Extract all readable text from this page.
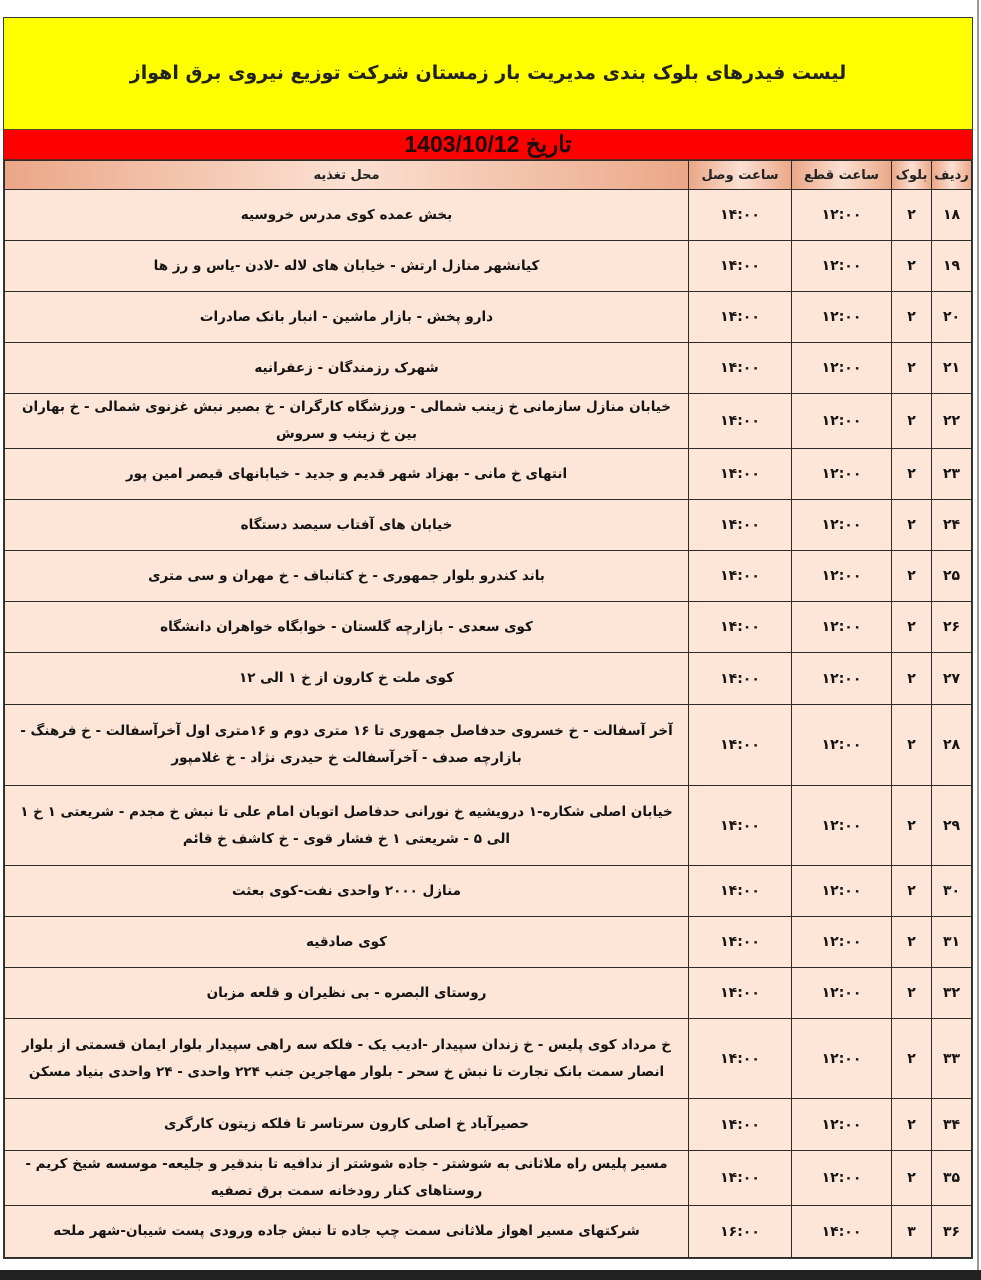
لیست فیدرهای بلوک بندی مدیریت بار زمستان شرکت توزیع نیروی برق اهواز
تاریخ 1403/10/12
ردیف	بلوک	ساعت قطع	ساعت وصل	محل تغذیه
۱۸	۲	۱۲:۰۰	۱۴:۰۰	بخش عمده کوی مدرس خروسیه
۱۹	۲	۱۲:۰۰	۱۴:۰۰	کیانشهر منازل ارتش - خیابان های لاله -لادن -یاس و رز ها
۲۰	۲	۱۲:۰۰	۱۴:۰۰	دارو پخش - بازار ماشین - انبار بانک صادرات
۲۱	۲	۱۲:۰۰	۱۴:۰۰	شهرک رزمندگان - زعفرانیه
۲۲	۲	۱۲:۰۰	۱۴:۰۰	خیابان منازل سازمانی خ زینب شمالی - ورزشگاه کارگران - خ بصیر نبش غزنوی شمالی - خ بهاران بین خ زینب و سروش
۲۳	۲	۱۲:۰۰	۱۴:۰۰	انتهای خ مانی - بهزاد شهر قدیم و جدید - خیابانهای قیصر امین پور
۲۴	۲	۱۲:۰۰	۱۴:۰۰	خیابان های آفتاب سیصد دستگاه
۲۵	۲	۱۲:۰۰	۱۴:۰۰	باند کندرو بلوار جمهوری - خ کتانباف - خ مهران و سی متری
۲۶	۲	۱۲:۰۰	۱۴:۰۰	کوی سعدی - بازارچه گلستان - خوابگاه خواهران دانشگاه
۲۷	۲	۱۲:۰۰	۱۴:۰۰	کوی ملت خ کارون از خ ۱ الی ۱۲
۲۸	۲	۱۲:۰۰	۱۴:۰۰	آخر آسفالت - خ خسروی حدفاصل جمهوری تا ۱۶ متری دوم و ۱۶متری اول آخرآسفالت - خ فرهنگ - بازارچه صدف - آخرآسفالت خ حیدری نژاد - خ غلامپور
۲۹	۲	۱۲:۰۰	۱۴:۰۰	خیابان اصلی شکاره-۱ درویشیه خ نورانی حدفاصل اتوبان امام علی تا نبش خ مجدم - شریعتی ۱ خ ۱ الی ۵ - شریعتی ۱ خ فشار قوی - خ کاشف خ قائم
۳۰	۲	۱۲:۰۰	۱۴:۰۰	منازل ۲۰۰۰ واحدی نفت-کوی بعثت
۳۱	۲	۱۲:۰۰	۱۴:۰۰	کوی صادقیه
۳۲	۲	۱۲:۰۰	۱۴:۰۰	روستای البصره - بی نظیران و قلعه مزبان
۳۳	۲	۱۲:۰۰	۱۴:۰۰	خ مرداد کوی پلیس - خ زندان سپیدار -ادیب یک - فلکه سه راهی سپیدار بلوار ایمان قسمتی از بلوار انصار سمت بانک تجارت تا نبش خ سحر - بلوار مهاجرین جنب ۲۲۴ واحدی - ۲۴ واحدی بنیاد مسکن
۳۴	۲	۱۲:۰۰	۱۴:۰۰	حصیرآباد خ اصلی کارون سرتاسر تا فلکه زیتون کارگری
۳۵	۲	۱۲:۰۰	۱۴:۰۰	مسیر پلیس راه ملاثانی به شوشتر - جاده شوشتر از ندافیه تا بندقیر و جلیعه- موسسه شیخ کریم - روستاهای کنار رودخانه سمت برق تصفیه
۳۶	۳	۱۴:۰۰	۱۶:۰۰	شرکتهای مسیر اهواز ملاثانی سمت چپ جاده تا نبش جاده ورودی پست شیبان-شهر ملحه
